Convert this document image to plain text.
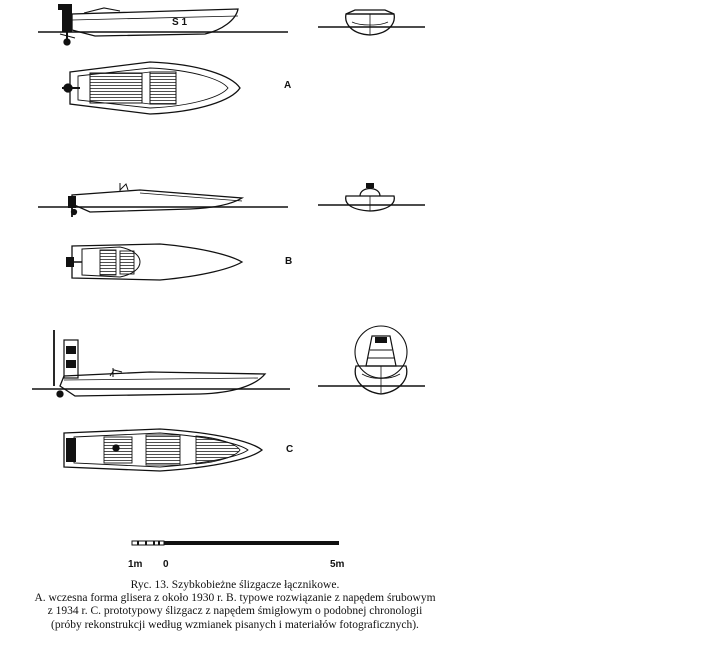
S 1
A
B
C
1m 0	5m
Ryc. 13. Szybkobieżne ślizgacze łącznikowe.
A. wczesna forma glisera z około 1930 r. B. typowe rozwiązanie z napędem śrubowym
z 1934 r. C. prototypowy ślizgacz z napędem śmigłowym o podobnej chronologii
(próby rekonstrukcji według wzmianek pisanych i materiałów fotograficznych).
